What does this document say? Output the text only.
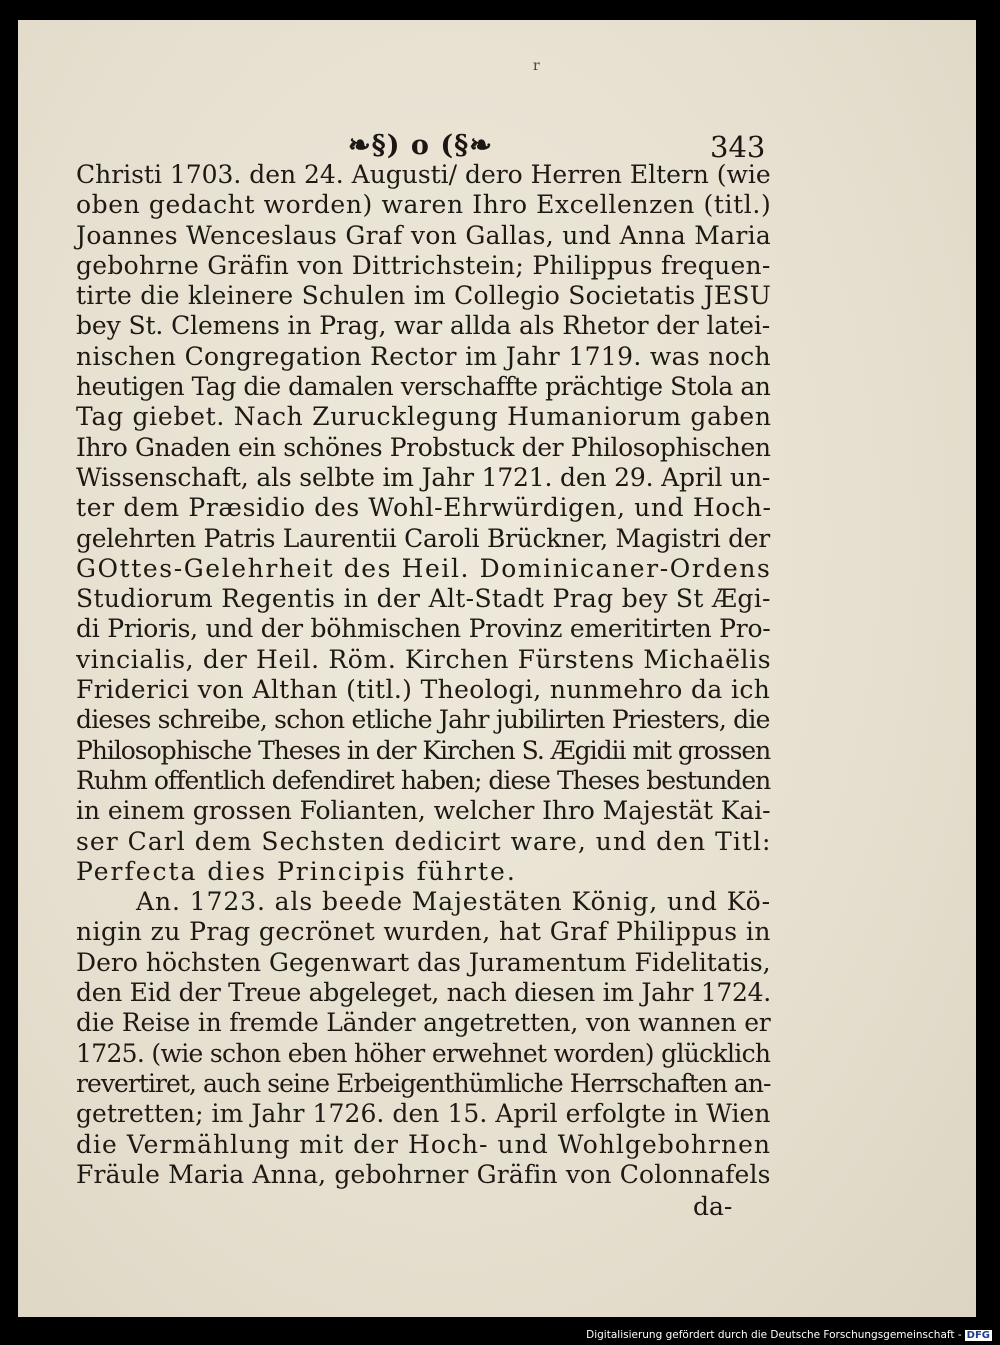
r
❧§) o (§❧	343
Christi 1703. den 24. Augusti/ dero Herren Eltern (wie
oben gedacht worden) waren Ihro Excellenzen (titl.)
Joannes Wenceslaus Graf von Gallas, und Anna Maria
gebohrne Gräfin von Dittrichstein; Philippus frequen-
tirte die kleinere Schulen im Collegio Societatis JESU
bey St. Clemens in Prag, war allda als Rhetor der latei-
nischen Congregation Rector im Jahr 1719. was noch
heutigen Tag die damalen verschaffte prächtige Stola an
Tag giebet. Nach Zurucklegung Humaniorum gaben
Ihro Gnaden ein schönes Probstuck der Philosophischen
Wissenschaft, als selbte im Jahr 1721. den 29. April un-
ter dem Præsidio des Wohl-Ehrwürdigen, und Hoch-
gelehrten Patris Laurentii Caroli Brückner, Magistri der
GOttes-Gelehrheit des Heil. Dominicaner-Ordens
Studiorum Regentis in der Alt-Stadt Prag bey St Ægi-
di Prioris, und der böhmischen Provinz emeritirten Pro-
vincialis, der Heil. Röm. Kirchen Fürstens Michaëlis
Friderici von Althan (titl.) Theologi, nunmehro da ich
dieses schreibe, schon etliche Jahr jubilirten Priesters, die
Philosophische Theses in der Kirchen S. Ægidii mit grossen
Ruhm offentlich defendiret haben; diese Theses bestunden
in einem grossen Folianten, welcher Ihro Majestät Kai-
ser Carl dem Sechsten dedicirt ware, und den Titl:
Perfecta dies Principis führte.
An. 1723. als beede Majestäten König, und Kö-
nigin zu Prag gecrönet wurden, hat Graf Philippus in
Dero höchsten Gegenwart das Juramentum Fidelitatis,
den Eid der Treue abgeleget, nach diesen im Jahr 1724.
die Reise in fremde Länder angetretten, von wannen er
1725. (wie schon eben höher erwehnet worden) glücklich
revertiret, auch seine Erbeigenthümliche Herrschaften an-
getretten; im Jahr 1726. den 15. April erfolgte in Wien
die Vermählung mit der Hoch- und Wohlgebohrnen
Fräule Maria Anna, gebohrner Gräfin von Colonnafels
da-
Digitalisierung gefördert durch die Deutsche Forschungsgemeinschaft - DFG
